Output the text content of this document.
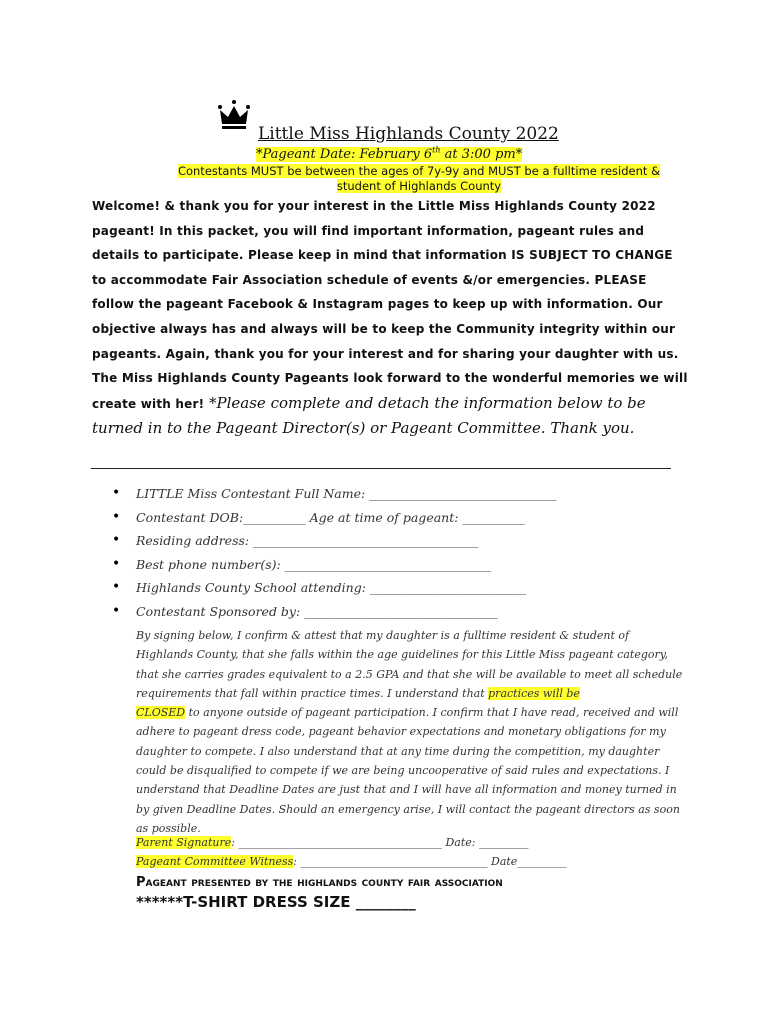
Little Miss Highlands County 2022
*Pageant Date: February 6th at 3:00 pm*
Contestants MUST be between the ages of 7y-9y and MUST be a fulltime resident & student of Highlands County
Welcome! & thank you for your interest in the Little Miss Highlands County 2022 pageant! In this packet, you will find important information, pageant rules and details to participate. Please keep in mind that information IS SUBJECT TO CHANGE to accommodate Fair Association schedule of events &/or emergencies. PLEASE follow the pageant Facebook & Instagram pages to keep up with information. Our objective always has and always will be to keep the Community integrity within our pageants. Again, thank you for your interest and for sharing your daughter with us. The Miss Highlands County Pageants look forward to the wonderful memories we will create with her! *Please complete and detach the information below to be turned in to the Pageant Director(s) or Pageant Committee. Thank you.
• LITTLE Miss Contestant Full Name: ______________________________
• Contestant DOB:__________ Age at time of pageant: __________
• Residing address: ____________________________________
• Best phone number(s): _________________________________
• Highlands County School attending: _________________________
• Contestant Sponsored by: _______________________________
By signing below, I confirm & attest that my daughter is a fulltime resident & student of Highlands County, that she falls within the age guidelines for this Little Miss pageant category, that she carries grades equivalent to a 2.5 GPA and that she will be available to meet all schedule requirements that fall within practice times. I understand that practices will be
CLOSED to anyone outside of pageant participation. I confirm that I have read, received and will adhere to pageant dress code, pageant behavior expectations and monetary obligations for my daughter to compete. I also understand that at any time during the competition, my daughter could be disqualified to compete if we are being uncooperative of said rules and expectations. I understand that Deadline Dates are just that and I will have all information and money turned in by given Deadline Dates. Should an emergency arise, I will contact the pageant directors as soon as possible.
Parent Signature: _____________________________________ Date: _________
Pageant Committee Witness: __________________________________ Date_________
Pageant presented by the highlands county fair association
******T-SHIRT DRESS SIZE ________
